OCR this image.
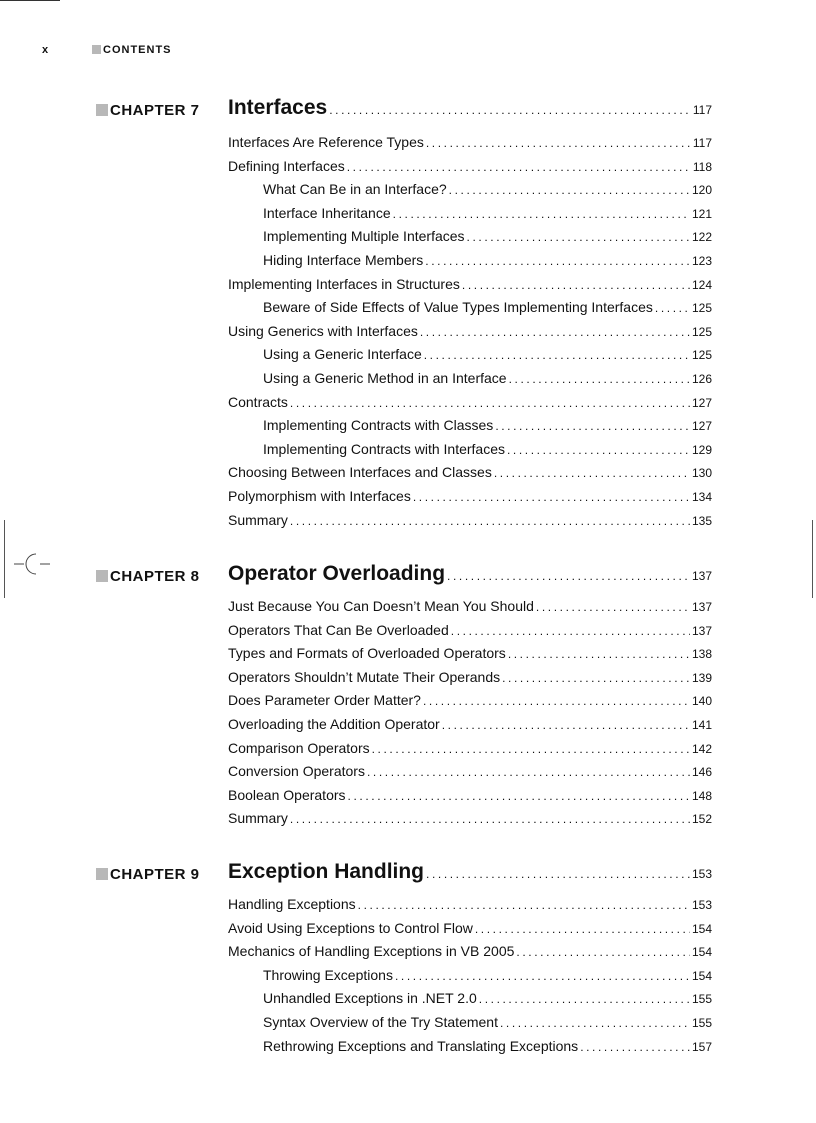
x	CONTENTS
CHAPTER 7 Interfaces .....	117
Interfaces Are Reference Types .....	117
Defining Interfaces .....	118
What Can Be in an Interface? .....	120
Interface Inheritance .....	121
Implementing Multiple Interfaces .....	122
Hiding Interface Members .....	123
Implementing Interfaces in Structures .....	124
Beware of Side Effects of Value Types Implementing Interfaces .....	125
Using Generics with Interfaces .....	125
Using a Generic Interface .....	125
Using a Generic Method in an Interface .....	126
Contracts .....	127
Implementing Contracts with Classes .....	127
Implementing Contracts with Interfaces .....	129
Choosing Between Interfaces and Classes .....	130
Polymorphism with Interfaces .....	134
Summary .....	135
CHAPTER 8 Operator Overloading .....	137
Just Because You Can Doesn’t Mean You Should .....	137
Operators That Can Be Overloaded .....	137
Types and Formats of Overloaded Operators .....	138
Operators Shouldn’t Mutate Their Operands .....	139
Does Parameter Order Matter? .....	140
Overloading the Addition Operator .....	141
Comparison Operators .....	142
Conversion Operators .....	146
Boolean Operators .....	148
Summary .....	152
CHAPTER 9 Exception Handling .....	153
Handling Exceptions .....	153
Avoid Using Exceptions to Control Flow .....	154
Mechanics of Handling Exceptions in VB 2005 .....	154
Throwing Exceptions .....	154
Unhandled Exceptions in .NET 2.0 .....	155
Syntax Overview of the Try Statement .....	155
Rethrowing Exceptions and Translating Exceptions .....	157
